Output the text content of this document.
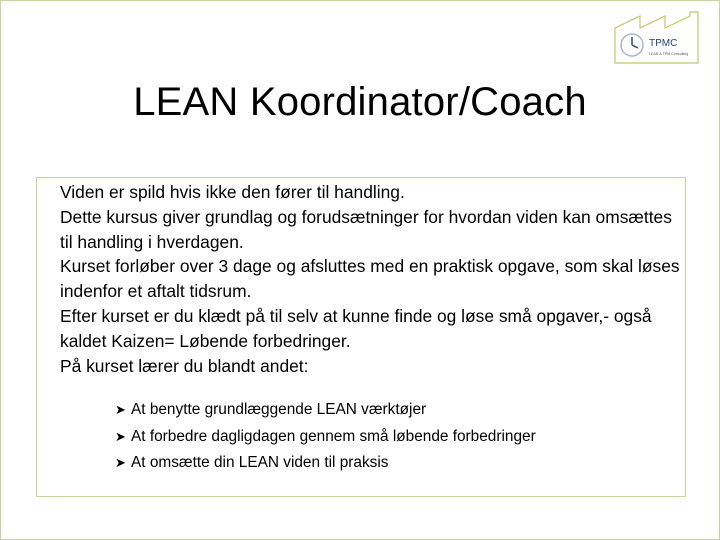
TPMC
LEAN & TPM Consulting
LEAN Koordinator/Coach

Viden er spild hvis ikke den fører til handling.

Dette kursus giver grundlag og forudsætninger for hvordan viden kan omsættes til handling i hverdagen.

Kurset forløber over 3 dage og afsluttes med en praktisk opgave, som skal løses indenfor et aftalt tidsrum.

Efter kurset er du klædt på til selv at kunne finde og løse små opgaver,- også kaldet Kaizen= Løbende forbedringer.

På kurset lærer du blandt andet:

➤ At benytte grundlæggende LEAN værktøjer
➤ At forbedre dagligdagen gennem små løbende forbedringer
➤ At omsætte din LEAN viden til praksis
